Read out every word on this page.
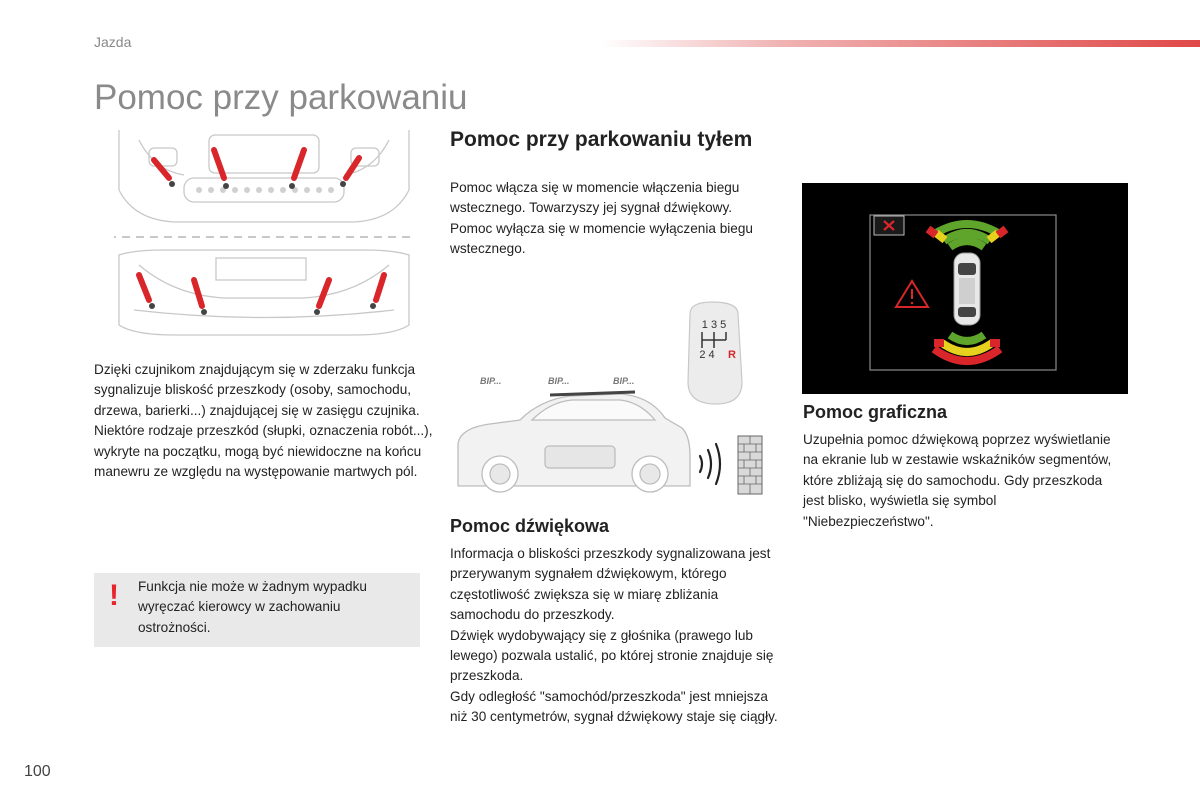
Jazda
Pomoc przy parkowaniu

Dzięki czujnikom znajdującym się w zderzaku funkcja sygnalizuje bliskość przeszkody (osoby, samochodu, drzewa, barierki...) znajdującej się w zasięgu czujnika.

Niektóre rodzaje przeszkód (słupki, oznaczenia robót...), wykryte na początku, mogą być niewidoczne na końcu manewru ze względu na występowanie martwych pól.

! Funkcja nie może w żadnym wypadku wyręczać kierowcy w zachowaniu ostrożności.
Pomoc przy parkowaniu tyłem

Pomoc włącza się w momencie włączenia biegu wstecznego. Towarzyszy jej sygnał dźwiękowy.

Pomoc wyłącza się w momencie wyłączenia biegu wstecznego.

1 3 5
2 4 R
BIP...	BIP...	BIP...
Pomoc dźwiękowa

Informacja o bliskości przeszkody sygnalizowana jest przerywanym sygnałem dźwiękowym, którego częstotliwość zwiększa się w miarę zbliżania samochodu do przeszkody.

Dźwięk wydobywający się z głośnika (prawego lub lewego) pozwala ustalić, po której stronie znajduje się przeszkoda.

Gdy odległość "samochód/przeszkoda" jest mniejsza niż 30 centymetrów, sygnał dźwiękowy staje się ciągły.

Pomoc graficzna

Uzupełnia pomoc dźwiękową poprzez wyświetlanie na ekranie lub w zestawie wskaźników segmentów, które zbliżają się do samochodu. Gdy przeszkoda jest blisko, wyświetla się symbol "Niebezpieczeństwo".

100
